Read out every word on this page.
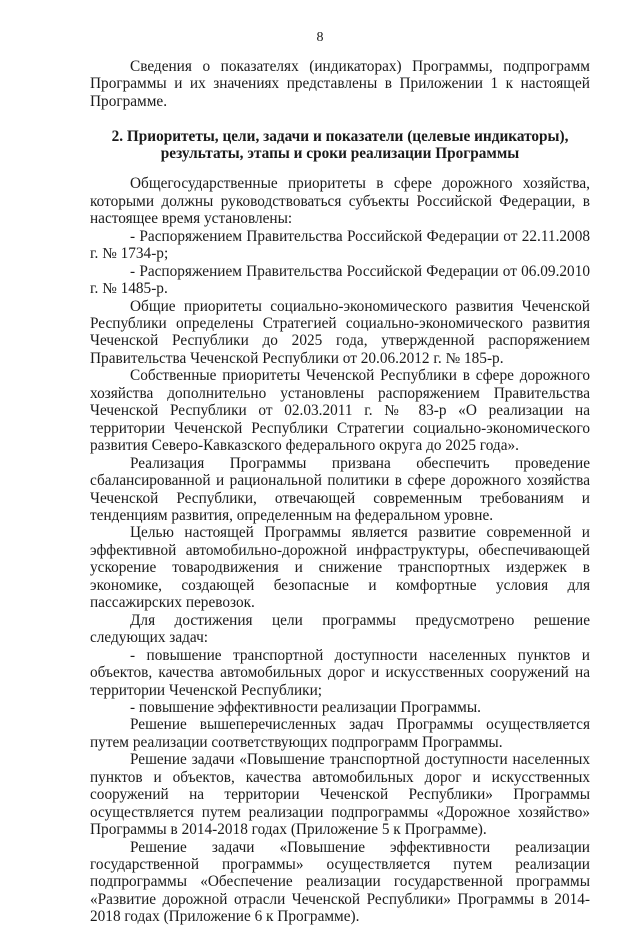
8

Сведения о показателях (индикаторах) Программы, подпрограмм Программы и их значениях представлены в Приложении 1 к настоящей Программе.

2. Приоритеты, цели, задачи и показатели (целевые индикаторы),
результаты, этапы и сроки реализации Программы

Общегосударственные приоритеты в сфере дорожного хозяйства, которыми должны руководствоваться субъекты Российской Федерации, в настоящее время установлены:

- Распоряжением Правительства Российской Федерации от 22.11.2008 г. № 1734-р;

- Распоряжением Правительства Российской Федерации от 06.09.2010 г. № 1485-р.

Общие приоритеты социально-экономического развития Чеченской Республики определены Стратегией социально-экономического развития Чеченской Республики до 2025 года, утвержденной распоряжением Правительства Чеченской Республики от 20.06.2012 г. № 185-р.

Собственные приоритеты Чеченской Республики в сфере дорожного хозяйства дополнительно установлены распоряжением Правительства Чеченской Республики от 02.03.2011 г. № 83-р «О реализации на территории Чеченской Республики Стратегии социально-экономического развития Северо-Кавказского федерального округа до 2025 года».

Реализация Программы призвана обеспечить проведение сбалансированной и рациональной политики в сфере дорожного хозяйства Чеченской Республики, отвечающей современным требованиям и тенденциям развития, определенным на федеральном уровне.

Целью настоящей Программы является развитие современной и эффективной автомобильно-дорожной инфраструктуры, обеспечивающей ускорение товародвижения и снижение транспортных издержек в экономике, создающей безопасные и комфортные условия для пассажирских перевозок.

Для достижения цели программы предусмотрено решение следующих задач:

- повышение транспортной доступности населенных пунктов и объектов, качества автомобильных дорог и искусственных сооружений на территории Чеченской Республики;

- повышение эффективности реализации Программы.

Решение вышеперечисленных задач Программы осуществляется путем реализации соответствующих подпрограмм Программы.

Решение задачи «Повышение транспортной доступности населенных пунктов и объектов, качества автомобильных дорог и искусственных сооружений на территории Чеченской Республики» Программы осуществляется путем реализации подпрограммы «Дорожное хозяйство» Программы в 2014-2018 годах (Приложение 5 к Программе).

Решение задачи «Повышение эффективности реализации государственной программы» осуществляется путем реализации подпрограммы «Обеспечение реализации государственной программы «Развитие дорожной отрасли Чеченской Республики» Программы в 2014-2018 годах (Приложение 6 к Программе).
